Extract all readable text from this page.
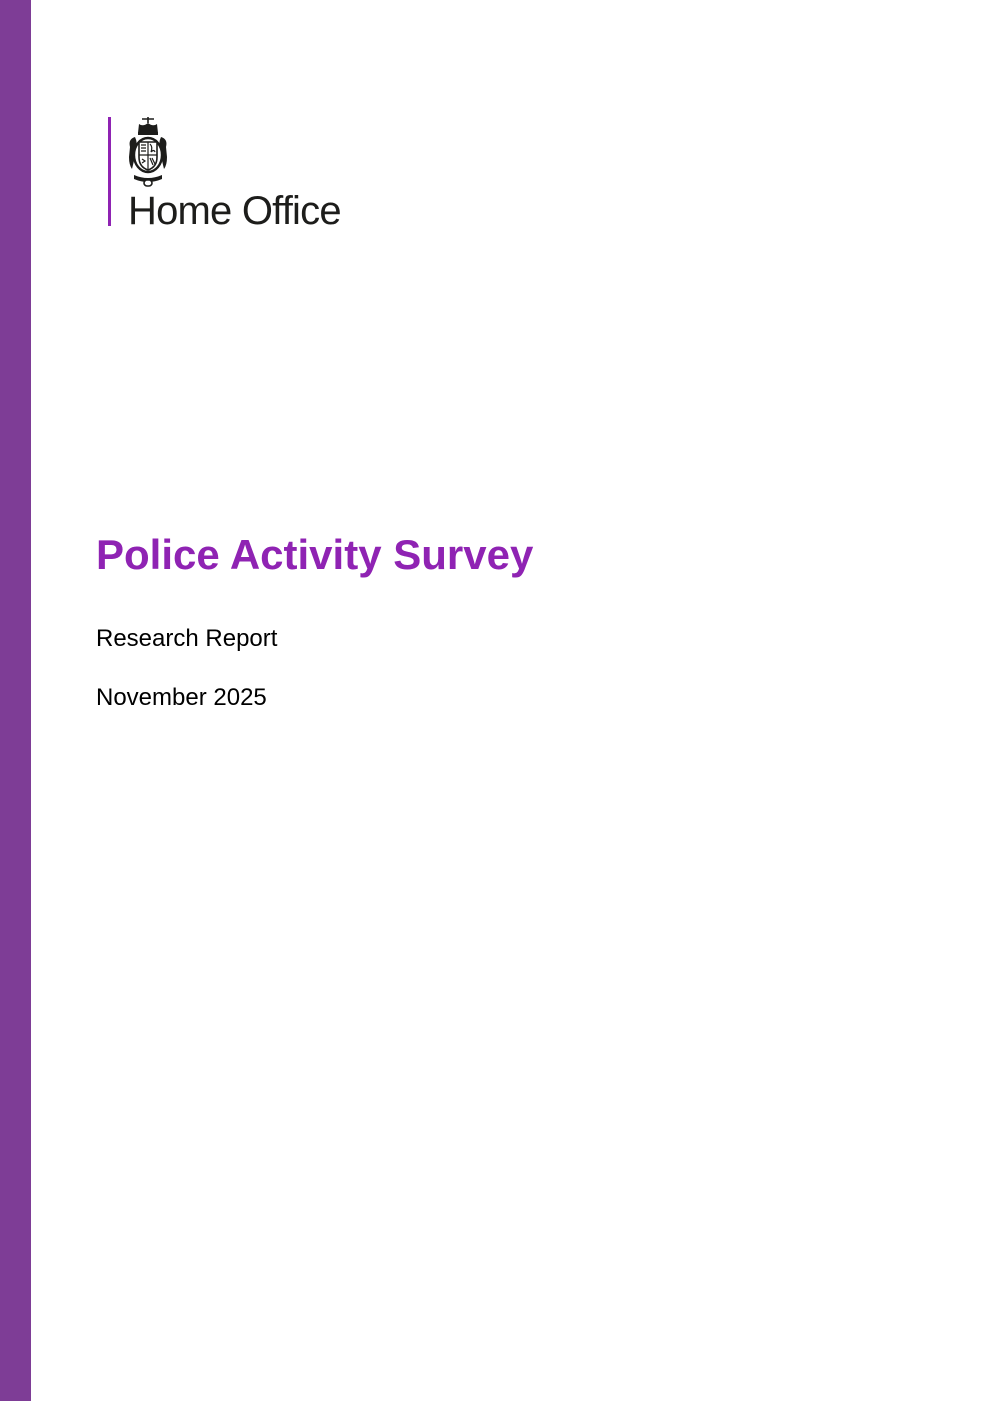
Home Office
Police Activity Survey
Research Report
November 2025
